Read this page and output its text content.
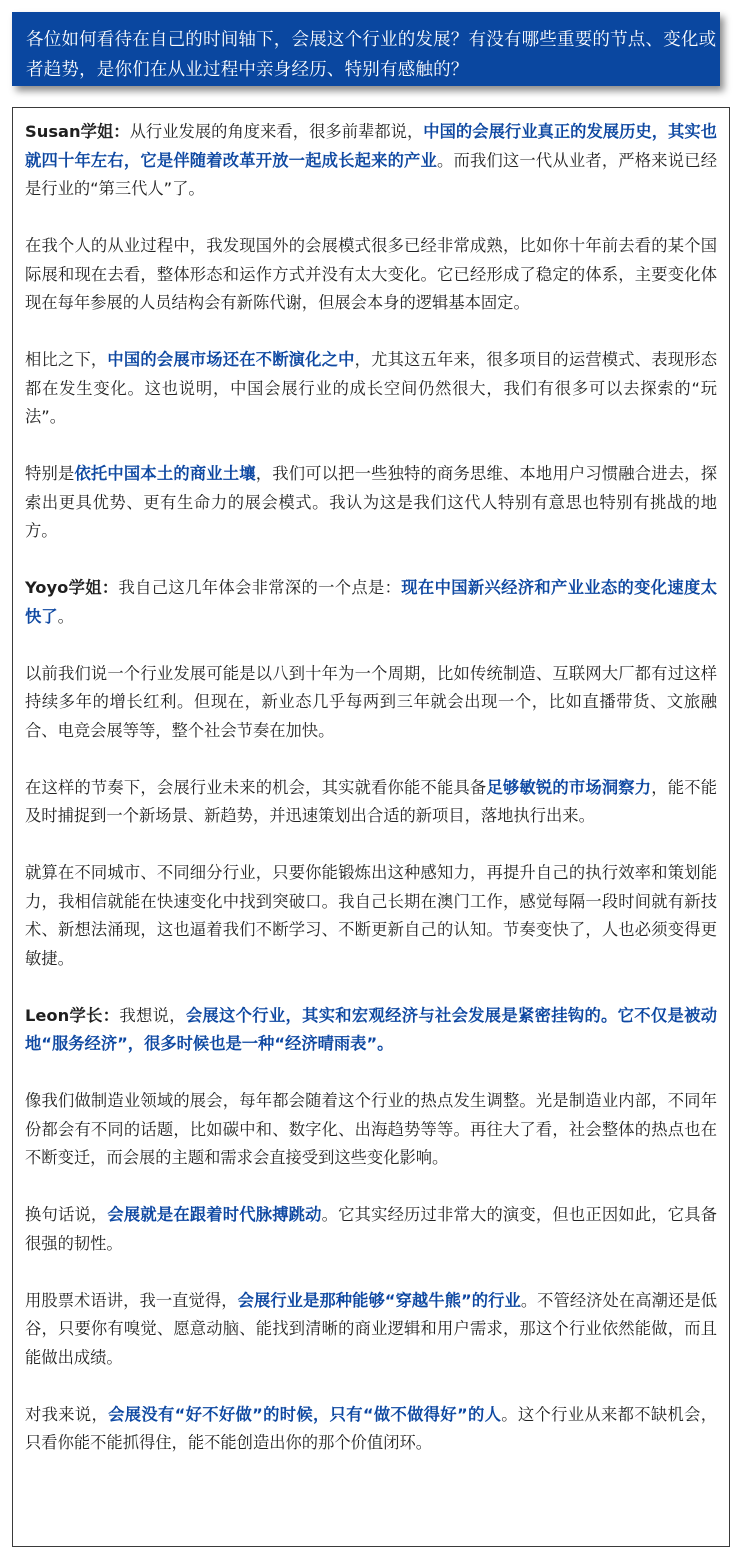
各位如何看待在自己的时间轴下，会展这个行业的发展？有没有哪些重要的节点、变化或者趋势，是你们在从业过程中亲身经历、特别有感触的？

Susan学姐：从行业发展的角度来看，很多前辈都说，中国的会展行业真正的发展历史，其实也就四十年左右，它是伴随着改革开放一起成长起来的产业。而我们这一代从业者，严格来说已经是行业的“第三代人”了。

在我个人的从业过程中，我发现国外的会展模式很多已经非常成熟，比如你十年前去看的某个国际展和现在去看，整体形态和运作方式并没有太大变化。它已经形成了稳定的体系，主要变化体现在每年参展的人员结构会有新陈代谢，但展会本身的逻辑基本固定。

相比之下，中国的会展市场还在不断演化之中，尤其这五年来，很多项目的运营模式、表现形态都在发生变化。这也说明，中国会展行业的成长空间仍然很大，我们有很多可以去探索的“玩法”。

特别是依托中国本土的商业土壤，我们可以把一些独特的商务思维、本地用户习惯融合进去，探索出更具优势、更有生命力的展会模式。我认为这是我们这代人特别有意思也特别有挑战的地方。

Yoyo学姐：我自己这几年体会非常深的一个点是：现在中国新兴经济和产业业态的变化速度太快了。

以前我们说一个行业发展可能是以八到十年为一个周期，比如传统制造、互联网大厂都有过这样持续多年的增长红利。但现在，新业态几乎每两到三年就会出现一个，比如直播带货、文旅融合、电竞会展等等，整个社会节奏在加快。

在这样的节奏下，会展行业未来的机会，其实就看你能不能具备足够敏锐的市场洞察力，能不能及时捕捉到一个新场景、新趋势，并迅速策划出合适的新项目，落地执行出来。

就算在不同城市、不同细分行业，只要你能锻炼出这种感知力，再提升自己的执行效率和策划能力，我相信就能在快速变化中找到突破口。我自己长期在澳门工作，感觉每隔一段时间就有新技术、新想法涌现，这也逼着我们不断学习、不断更新自己的认知。节奏变快了，人也必须变得更敏捷。

Leon学长：我想说，会展这个行业，其实和宏观经济与社会发展是紧密挂钩的。它不仅是被动地“服务经济”，很多时候也是一种“经济晴雨表”。

像我们做制造业领域的展会，每年都会随着这个行业的热点发生调整。光是制造业内部，不同年份都会有不同的话题，比如碳中和、数字化、出海趋势等等。再往大了看，社会整体的热点也在不断变迁，而会展的主题和需求会直接受到这些变化影响。

换句话说，会展就是在跟着时代脉搏跳动。它其实经历过非常大的演变，但也正因如此，它具备很强的韧性。

用股票术语讲，我一直觉得，会展行业是那种能够“穿越牛熊”的行业。不管经济处在高潮还是低谷，只要你有嗅觉、愿意动脑、能找到清晰的商业逻辑和用户需求，那这个行业依然能做，而且能做出成绩。

对我来说，会展没有“好不好做”的时候，只有“做不做得好”的人。这个行业从来都不缺机会，只看你能不能抓得住，能不能创造出你的那个价值闭环。
